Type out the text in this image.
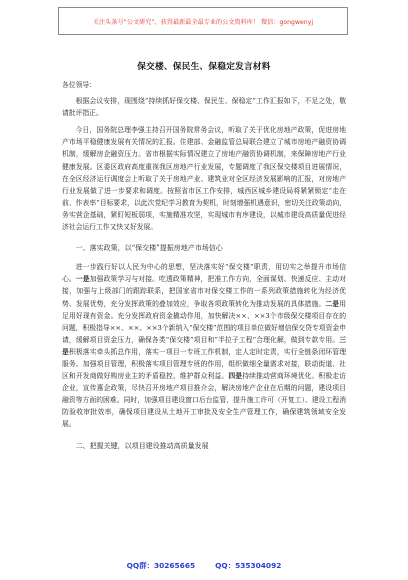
关注头条号“公文研究”，获得最新最全最专业的公文资料库！ 微信：gongwenyj
保交楼、保民生、保稳定发言材料

各位领导：

根据会议安排，现围绕“持续抓好保交楼、保民生、保稳定”工作汇报如下，不足之处，敬请批评指正。

今日，国务院总理李强主持召开国务院常务会议，听取了关于优化房地产政策，促进房地产市场平稳健康发展有关情况的汇报。住建部、金融监管总局联合建立了城市房地产融资协调机制，缓解房企融资压力。省市根据实际情况建立了房地产融资协调机制，来保障房地产行业健康发展。区委区政府高度重视我区房地产行业发展，专题调度了我区保交楼项目进展情况，在全区经济运行调度会上听取了关于房地产业、建筑业对全区经济发展影响的汇报，对房地产行业发展做了进一步要求和调度。按照省市区工作安排，城西区城乡建设局将紧紧锁定“走在前、作表率”目标要求，以此次党纪学习教育为契机，时刻增强机遇意识，密切关注政策动向，务实营企基础，紧盯短板弱项，实施精准攻坚，实现城市有序建设，以城市建设高质量促进经济社会运行工作又快又好发展。

一、落实政策，以“保交楼”提振房地产市场信心

进一步践行好以人民为中心的思想，坚决落实好“保交楼”职责，用切实之举提升市场信心。一是加强政策学习与对接。吃透政策精神，把准工作方向，全面谋划、快速反应、主动对接，加强与上级部门的跟踪联系，把国家省市对保交楼工作的一系列政策措施转化为经济优势、发展优势，充分发挥政策的叠加效应，争取各项政策转化为推动发展的具体措施。二是用足用好现有资金。充分发挥政府资金撬动作用，加快解决××、××3个市级保交楼项目存在的问题，积极指导××、××、××3个新纳入“保交楼”范围的项目单位做好增信保交贷专项资金申请，缓解项目资金压力，确保各类“保交楼”项目和“半拉子工程”合理化解，做到专款专用。三是积极落实牵头抓总作用，落实一项目一专班工作机制，定人定时定责，实行全链条闭环管理服务。加强项目管理，积极落实项目管理专班的作用，组织做细全量需求对接，联动街道、社区和开发商做好购房业主的矛盾稳控、维护群众利益。四是持续推动营商环境优化。积极走访企业，宣传惠企政策，尽快召开房地产项目推介会，解决房地产企业在后期的问题，建设项目融资等方面的困难。同时，加强项目建设窗口后台监管，提升施工许可（开复工）、建设工程消防验收审批效率，确保项目建设从土地开工审批及安全生产管理工作，确保建筑领域安全发展。

二、把握关键，以项目建设推动高质量发展
QQ群：30265665	QQ：535304092
